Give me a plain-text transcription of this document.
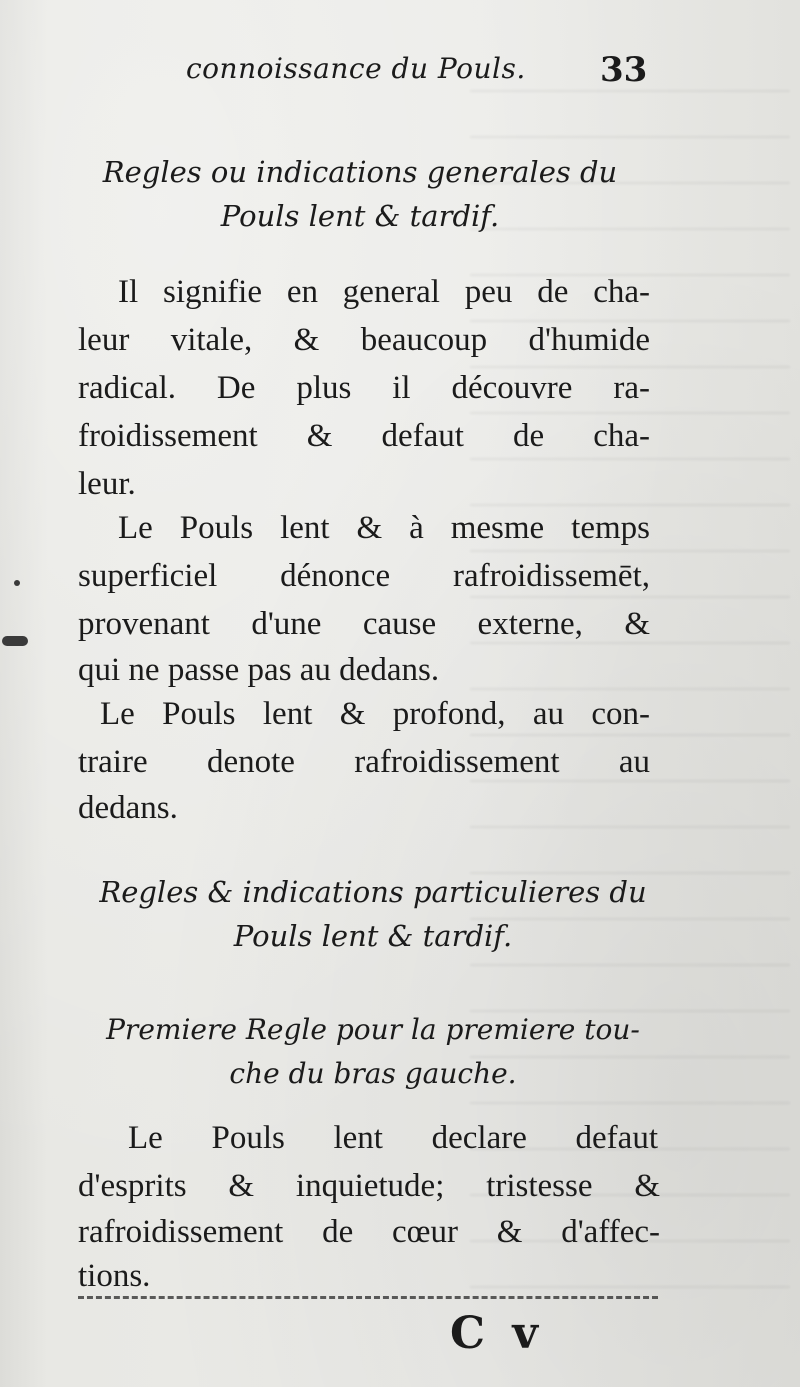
connoissance du Pouls. 33
Regles ou indications generales du
Pouls lent & tardif.
Il signifie en general peu de cha-
leur vitale, & beaucoup d'humide
radical. De plus il découvre ra-
froidissement & defaut de cha-
leur.
Le Pouls lent & à mesme temps
superficiel dénonce rafroidissemēt,
provenant d'une cause externe, &
qui ne passe pas au dedans.
Le Pouls lent & profond, au con-
traire denote rafroidissement au
dedans.
Regles & indications particulieres du
Pouls lent & tardif.
Premiere Regle pour la premiere tou-
che du bras gauche.
Le Pouls lent declare defaut
d'esprits & inquietude; tristesse &
rafroidissement de cœur & d'affec-
tions.
C v
